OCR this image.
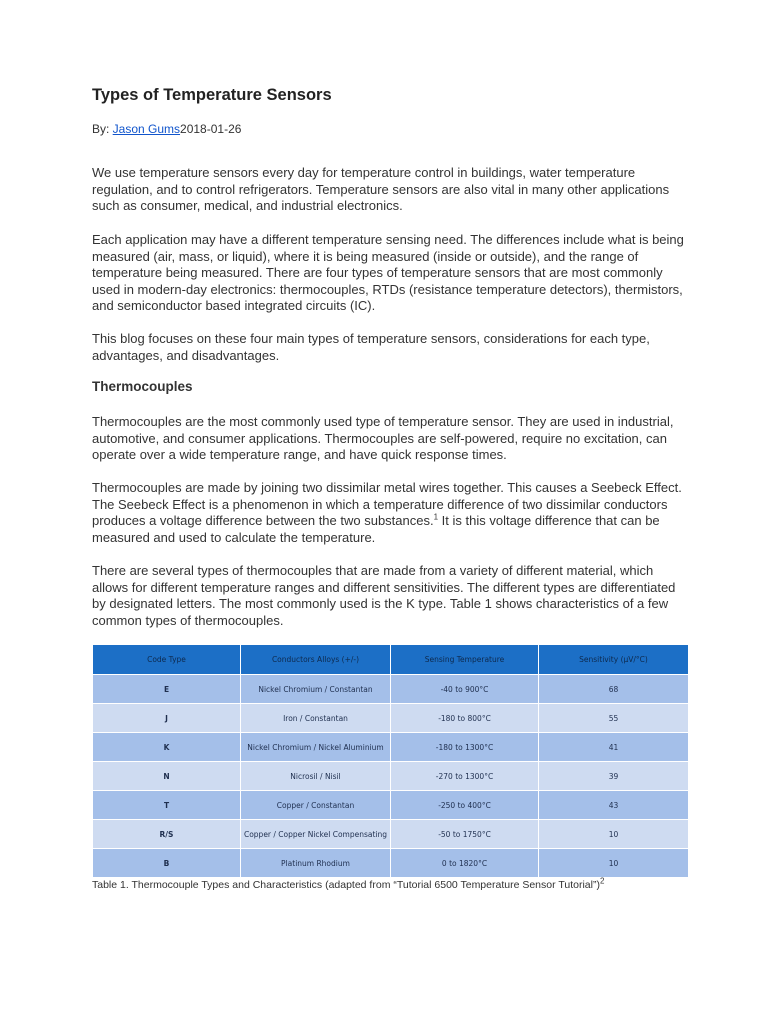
Types of Temperature Sensors
By: Jason Gums2018-01-26

We use temperature sensors every day for temperature control in buildings, water temperature regulation, and to control refrigerators. Temperature sensors are also vital in many other applications such as consumer, medical, and industrial electronics.

Each application may have a different temperature sensing need. The differences include what is being measured (air, mass, or liquid), where it is being measured (inside or outside), and the range of temperature being measured. There are four types of temperature sensors that are most commonly used in modern-day electronics: thermocouples, RTDs (resistance temperature detectors), thermistors, and semiconductor based integrated circuits (IC).

This blog focuses on these four main types of temperature sensors, considerations for each type, advantages, and disadvantages.

Thermocouples

Thermocouples are the most commonly used type of temperature sensor. They are used in industrial, automotive, and consumer applications. Thermocouples are self-powered, require no excitation, can operate over a wide temperature range, and have quick response times.

Thermocouples are made by joining two dissimilar metal wires together. This causes a Seebeck Effect. The Seebeck Effect is a phenomenon in which a temperature difference of two dissimilar conductors produces a voltage difference between the two substances.$^1$ It is this voltage difference that can be measured and used to calculate the temperature.

There are several types of thermocouples that are made from a variety of different material, which allows for different temperature ranges and different sensitivities. The different types are differentiated by designated letters. The most commonly used is the K type. Table 1 shows characteristics of a few common types of thermocouples.

Code Type	Conductors Alloys (+/-)	Sensing Temperature	Sensitivity (µV/°C)
E	Nickel Chromium / Constantan	-40 to 900°C	68
J	Iron / Constantan	-180 to 800°C	55
K	Nickel Chromium / Nickel Aluminium	-180 to 1300°C	41
N	Nicrosil / Nisil	-270 to 1300°C	39
T	Copper / Constantan	-250 to 400°C	43
R/S	Copper / Copper Nickel Compensating	-50 to 1750°C	10
B	Platinum Rhodium	0 to 1820°C	10
Table 1. Thermocouple Types and Characteristics (adapted from “Tutorial 6500 Temperature Sensor Tutorial”)$^2$
